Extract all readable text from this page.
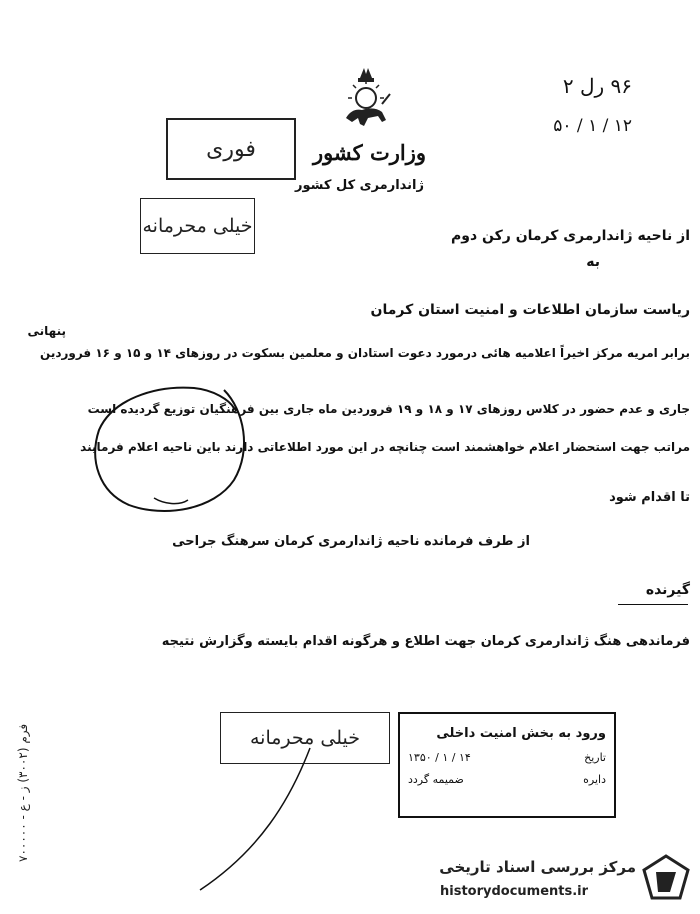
فوری	وزارت کشور
ژاندارمری کل کشور
۹۶ رل ۲
۵۰ / ۱ / ۱۲
خیلی محرمانه	از ناحیه ژاندارمری کرمان رکن دوم
به
ریاست سازمان اطلاعات و امنیت استان کرمان
پنهانی
برابر امریه مرکز اخیراً اعلامیه هائی درمورد دعوت استادان و معلمین بسکوت در روزهای ۱۴ و ۱۵ و ۱۶ فروردین
جاری و عدم حضور در کلاس روزهای ۱۷ و ۱۸ و ۱۹ فروردین ماه جاری بین فرهنگیان توزیع گردیده است
مراتب جهت استحضار اعلام خواهشمند است چنانچه در این مورد اطلاعاتی دارند باین ناحیه اعلام فرمایند
تا اقدام شود
از طرف فرمانده ناحیه ژاندارمری کرمان سرهنگ جراحی
گیرنده
فرماندهی هنگ ژاندارمری کرمان جهت اطلاع و هرگونه اقدام بایسته وگزارش نتیجه
فرم (۳۰۰۲) ز - ع - ۷۰۰۰۰۰	خیلی محرمانه	ورود به بخش امنیت داخلی
تاریخ
۱۳۵۰ / ۱ / ۱۴
دایره
ضمیمه گردد
مرکز بررسی اسناد تاریخی
historydocuments.ir
